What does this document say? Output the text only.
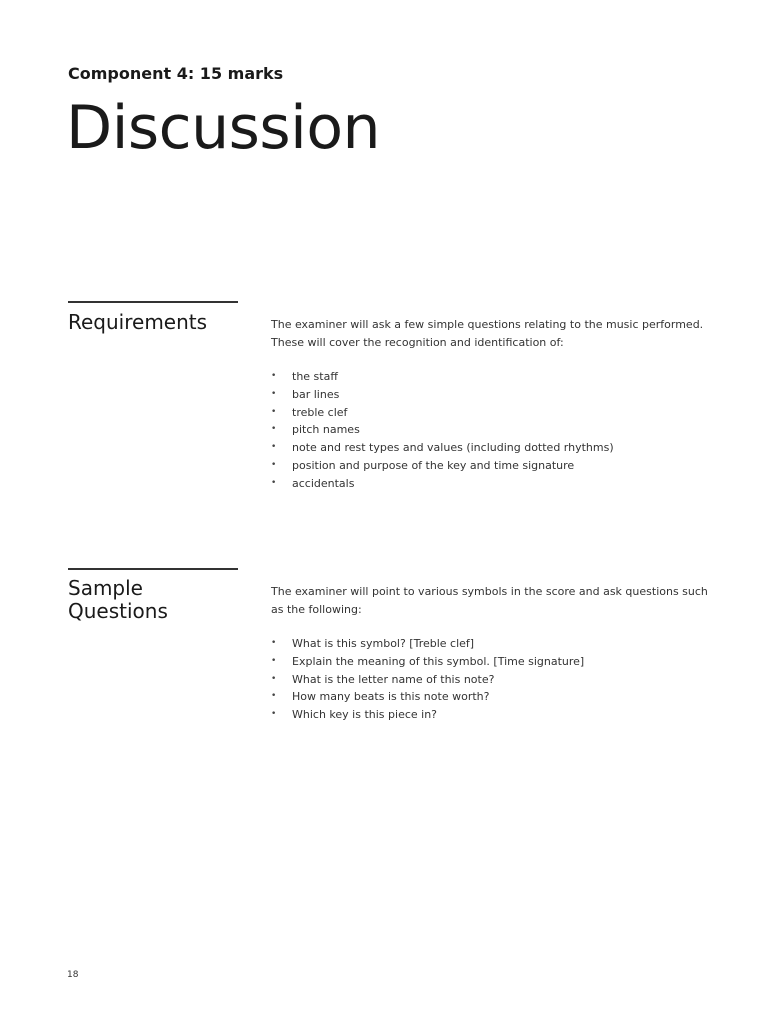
Component 4: 15 marks
Discussion
Requirements	The examiner will ask a few simple questions relating to the music performed. These will cover the recognition and identification of:

• the staff
• bar lines
• treble clef
• pitch names
• note and rest types and values (including dotted rhythms)
• position and purpose of the key and time signature
• accidentals
Sample Questions

The examiner will point to various symbols in the score and ask questions such as the following:

• What is this symbol? [Treble clef]
• Explain the meaning of this symbol. [Time signature]
• What is the letter name of this note?
• How many beats is this note worth?
• Which key is this piece in?
18
